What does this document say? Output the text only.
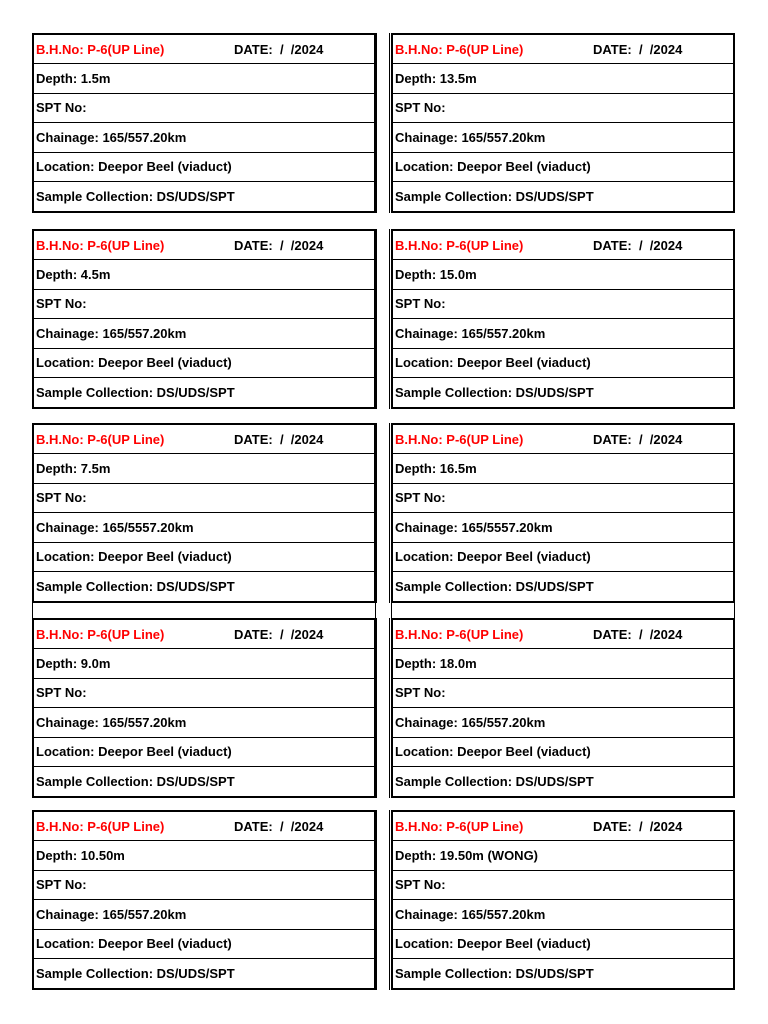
B.H.No: P-6(UP Line)	DATE:  /  /2024
Depth: 1.5m
SPT No:
Chainage: 165/557.20km
Location: Deepor Beel (viaduct)
Sample Collection: DS/UDS/SPT
B.H.No: P-6(UP Line)	DATE:  /  /2024
Depth: 13.5m
SPT No:
Chainage: 165/557.20km
Location: Deepor Beel (viaduct)
Sample Collection: DS/UDS/SPT
B.H.No: P-6(UP Line)	DATE:  /  /2024
Depth: 4.5m
SPT No:
Chainage: 165/557.20km
Location: Deepor Beel (viaduct)
Sample Collection: DS/UDS/SPT
B.H.No: P-6(UP Line)	DATE:  /  /2024
Depth: 15.0m
SPT No:
Chainage: 165/557.20km
Location: Deepor Beel (viaduct)
Sample Collection: DS/UDS/SPT
B.H.No: P-6(UP Line)	DATE:  /  /2024
Depth: 7.5m
SPT No:
Chainage: 165/5557.20km
Location: Deepor Beel (viaduct)
Sample Collection: DS/UDS/SPT
B.H.No: P-6(UP Line)	DATE:  /  /2024
Depth: 16.5m
SPT No:
Chainage: 165/5557.20km
Location: Deepor Beel (viaduct)
Sample Collection: DS/UDS/SPT
B.H.No: P-6(UP Line)	DATE:  /  /2024
Depth: 9.0m
SPT No:
Chainage: 165/557.20km
Location: Deepor Beel (viaduct)
Sample Collection: DS/UDS/SPT
B.H.No: P-6(UP Line)	DATE:  /  /2024
Depth: 18.0m
SPT No:
Chainage: 165/557.20km
Location: Deepor Beel (viaduct)
Sample Collection: DS/UDS/SPT
B.H.No: P-6(UP Line)	DATE:  /  /2024
Depth: 10.50m
SPT No:
Chainage: 165/557.20km
Location: Deepor Beel (viaduct)
Sample Collection: DS/UDS/SPT
B.H.No: P-6(UP Line)	DATE:  /  /2024
Depth: 19.50m (WONG)
SPT No:
Chainage: 165/557.20km
Location: Deepor Beel (viaduct)
Sample Collection: DS/UDS/SPT
